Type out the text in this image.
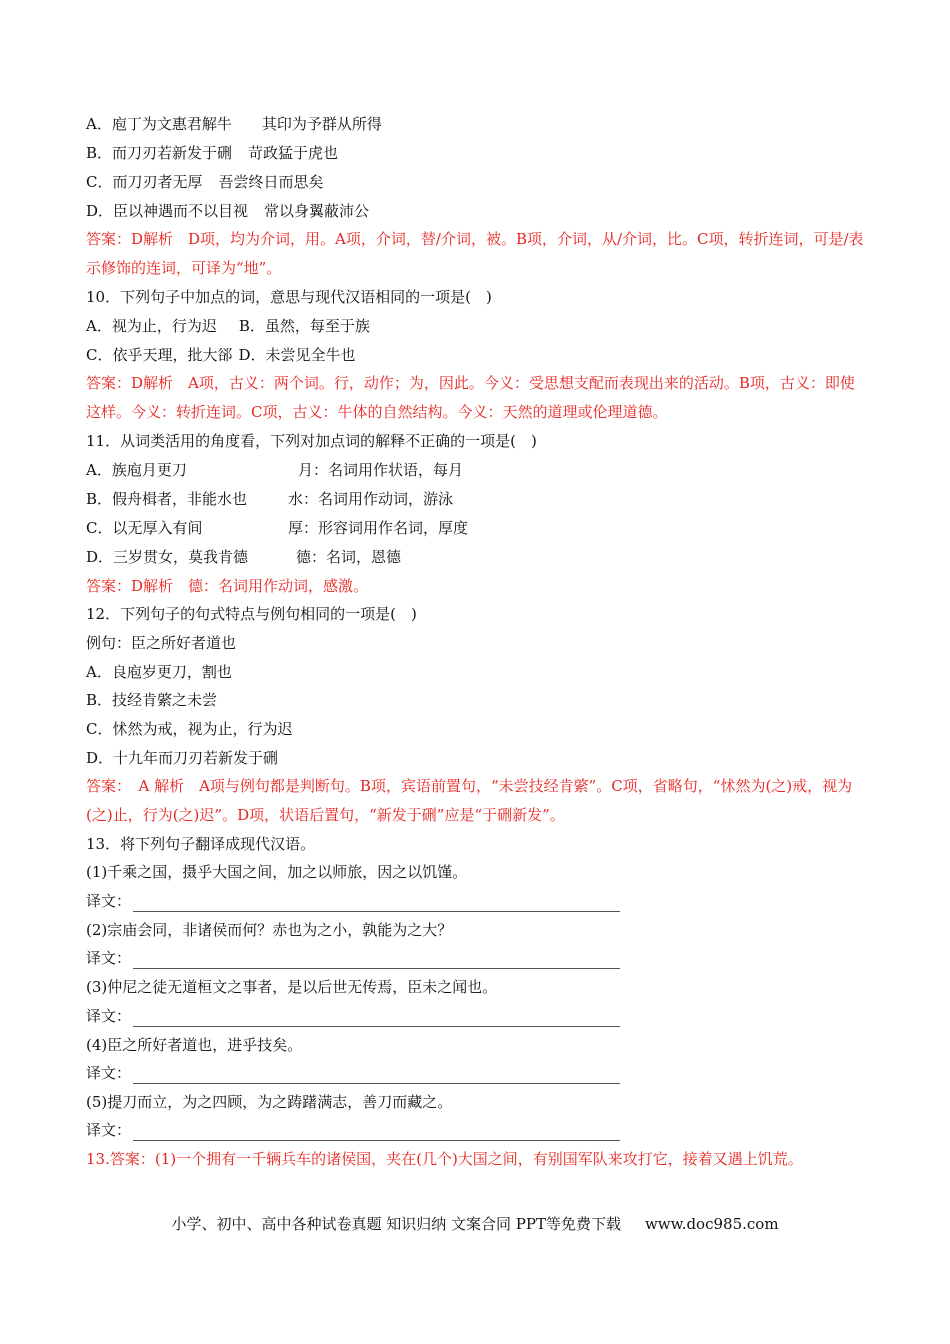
A．庖丁为文惠君解牛 其印为予群从所得
B．而刀刃若新发于硎 苛政猛于虎也
C．而刀刃者无厚 吾尝终日而思矣
D．臣以神遇而不以目视 常以身翼蔽沛公
答案：D解析　D项，均为介词，用。A项，介词，替/介词，被。B项，介词，从/介词，比。C项，转折连词，可是/表示修饰的连词，可译为“地”。
10．下列句子中加点的词，意思与现代汉语相同的一项是(　)
A．视为止，行为迟 B．虽然，每至于族
C．依乎天理，批大郤 D．未尝见全牛也
答案：D解析　A项，古义：两个词。行，动作；为，因此。今义：受思想支配而表现出来的活动。B项，古义：即使这样。今义：转折连词。C项，古义：牛体的自然结构。今义：天然的道理或伦理道德。
11．从词类活用的角度看，下列对加点词的解释不正确的一项是(　)
A．族庖月更刀	月：名词用作状语，每月
B．假舟楫者，非能水也	水：名词用作动词，游泳
C．以无厚入有间	厚：形容词用作名词，厚度
D．三岁贯女，莫我肯德	德：名词，恩德
答案：D解析　德：名词用作动词，感激。
12．下列句子的句式特点与例句相同的一项是(　)
例句：臣之所好者道也
A．良庖岁更刀，割也
B．技经肯綮之未尝
C．怵然为戒，视为止，行为迟
D．十九年而刀刃若新发于硎
答案：　A 解析　A项与例句都是判断句。B项，宾语前置句，“未尝技经肯綮”。C项，省略句，“怵然为(之)戒，视为(之)止，行为(之)迟”。D项，状语后置句，“新发于硎”应是“于硎新发”。
13．将下列句子翻译成现代汉语。
(1)千乘之国，摄乎大国之间，加之以师旅，因之以饥馑。
译文：
(2)宗庙会同，非诸侯而何？赤也为之小，孰能为之大？
译文：
(3)仲尼之徒无道桓文之事者，是以后世无传焉，臣未之闻也。
译文：
(4)臣之所好者道也，进乎技矣。
译文：
(5)提刀而立，为之四顾，为之踌躇满志，善刀而藏之。
译文：
13.答案：(1)一个拥有一千辆兵车的诸侯国，夹在(几个)大国之间，有别国军队来攻打它，接着又遇上饥荒。
小学、初中、高中各种试卷真题 知识归纳 文案合同 PPT等免费下载 www.doc985.com
